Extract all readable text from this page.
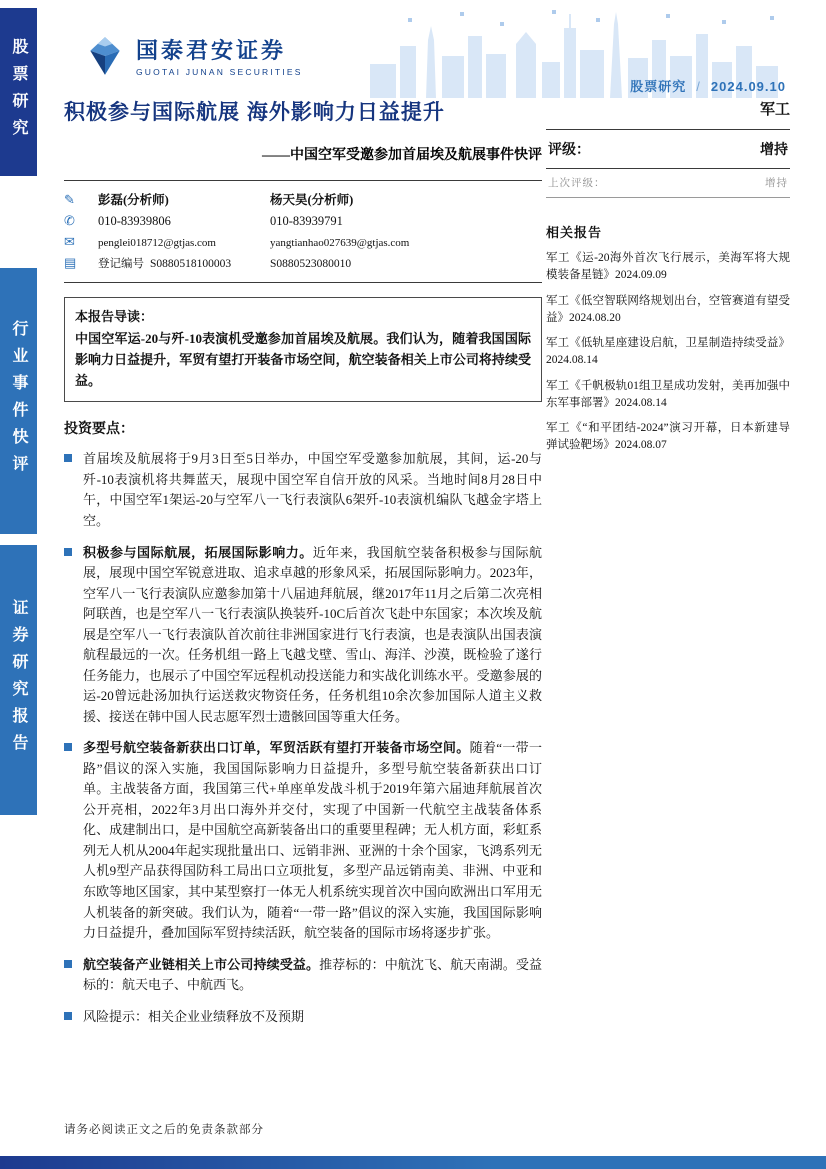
股票研究
行业事件快评
证券研究报告
国泰君安证券
GUOTAI JUNAN SECURITIES
股票研究 / 2024.09.10
积极参与国际航展 海外影响力日益提升
——中国空军受邀参加首届埃及航展事件快评
✎	彭磊(分析师)	杨天昊(分析师)
✆	010-83939806	010-83939791
✉	penglei018712@gtjas.com	yangtianhao027639@gtjas.com
▤	登记编号 S0880518100003	S0880523080010
本报告导读：
中国空军运-20与歼-10表演机受邀参加首届埃及航展。我们认为，随着我国国际影响力日益提升，军贸有望打开装备市场空间，航空装备相关上市公司将持续受益。
投资要点：

首届埃及航展将于9月3日至5日举办，中国空军受邀参加航展，其间，运-20与歼-10表演机将共舞蓝天，展现中国空军自信开放的风采。当地时间8月28日中午，中国空军1架运-20与空军八一飞行表演队6架歼-10表演机编队飞越金字塔上空。

积极参与国际航展，拓展国际影响力。近年来，我国航空装备积极参与国际航展，展现中国空军锐意进取、追求卓越的形象风采，拓展国际影响力。2023年，空军八一飞行表演队应邀参加第十八届迪拜航展，继2017年11月之后第二次亮相阿联酋，也是空军八一飞行表演队换装歼-10C后首次飞赴中东国家；本次埃及航展是空军八一飞行表演队首次前往非洲国家进行飞行表演，也是表演队出国表演航程最远的一次。任务机组一路上飞越戈壁、雪山、海洋、沙漠，既检验了遂行任务能力，也展示了中国空军远程机动投送能力和实战化训练水平。受邀参展的运-20曾远赴汤加执行运送救灾物资任务，任务机组10余次参加国际人道主义救援、接送在韩中国人民志愿军烈士遗骸回国等重大任务。

多型号航空装备新获出口订单，军贸活跃有望打开装备市场空间。随着“一带一路”倡议的深入实施，我国国际影响力日益提升，多型号航空装备新获出口订单。主战装备方面，我国第三代+单座单发战斗机于2019年第六届迪拜航展首次公开亮相，2022年3月出口海外并交付，实现了中国新一代航空主战装备体系化、成建制出口，是中国航空高新装备出口的重要里程碑；无人机方面，彩虹系列无人机从2004年起实现批量出口、远销非洲、亚洲的十余个国家，飞鸿系列无人机9型产品获得国防科工局出口立项批复，多型产品远销南美、非洲、中亚和东欧等地区国家，其中某型察打一体无人机系统实现首次中国向欧洲出口军用无人机装备的新突破。我们认为，随着“一带一路”倡议的深入实施，我国国际影响力日益提升，叠加国际军贸持续活跃，航空装备的国际市场将逐步扩张。

航空装备产业链相关上市公司持续受益。推荐标的：中航沈飞、航天南湖。受益标的：航天电子、中航西飞。

风险提示：相关企业业绩释放不及预期

军工
评级：	增持
上次评级：	增持
相关报告

军工《运-20海外首次飞行展示，美海军将大规模装备星链》2024.09.09

军工《低空智联网络规划出台，空管赛道有望受益》2024.08.20

军工《低轨星座建设启航，卫星制造持续受益》2024.08.14

军工《千帆极轨01组卫星成功发射，美再加强中东军事部署》2024.08.14

军工《“和平团结-2024”演习开幕，日本新建导弹试验靶场》2024.08.07

请务必阅读正文之后的免责条款部分
